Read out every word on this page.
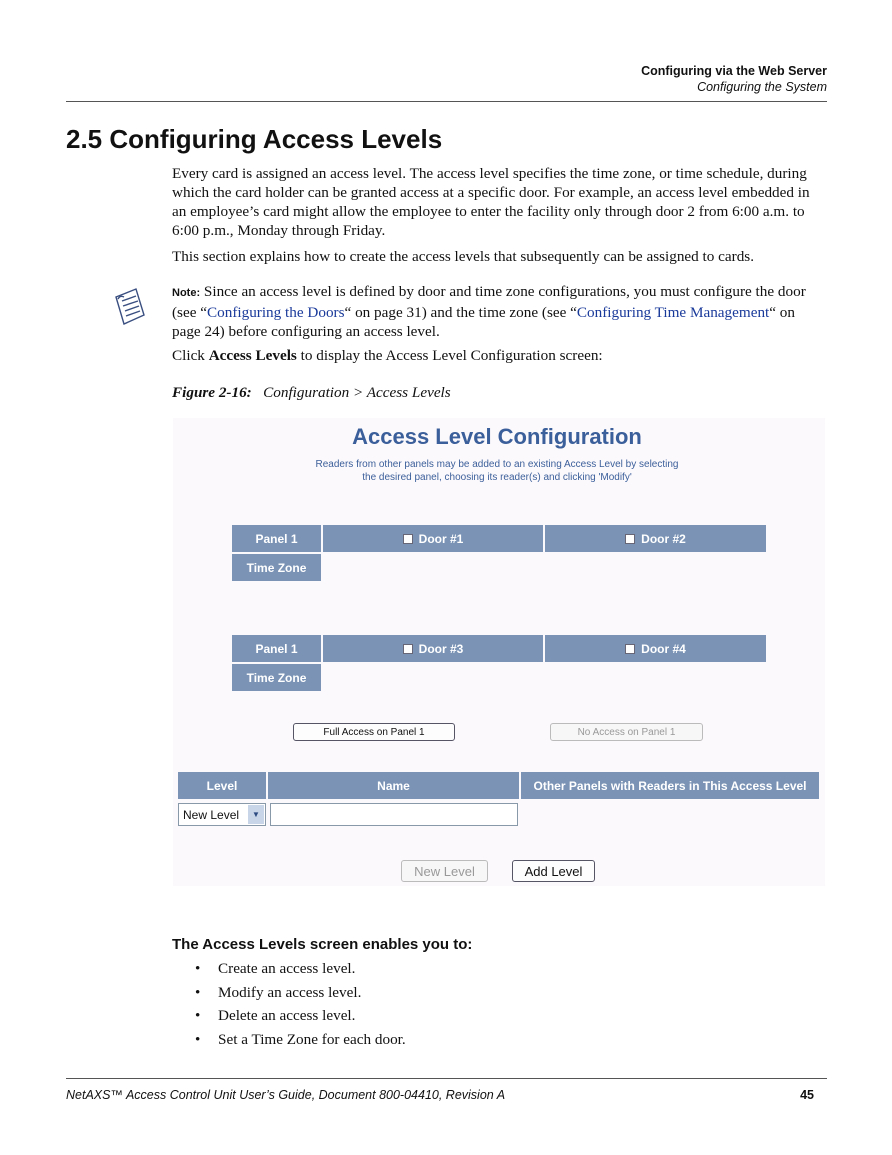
Configuring via the Web Server
Configuring the System
2.5 Configuring Access Levels

Every card is assigned an access level. The access level specifies the time zone, or time schedule, during which the card holder can be granted access at a specific door. For example, an access level embedded in an employee’s card might allow the employee to enter the facility only through door 2 from 6:00 a.m. to 6:00 p.m., Monday through Friday.

This section explains how to create the access levels that subsequently can be assigned to cards.

Note: Since an access level is defined by door and time zone configurations, you must configure the door (see “Configuring the Doors“ on page 31) and the time zone (see “Configuring Time Management“ on page 24) before configuring an access level.

Click Access Levels to display the Access Level Configuration screen:

Figure 2-16: Configuration > Access Levels
Access Level Configuration
Readers from other panels may be added to an existing Access Level by selecting
the desired panel, choosing its reader(s) and clicking 'Modify'
Panel 1	Door #1	Door #2
Time Zone
Panel 1	Door #3	Door #4
Time Zone
Full Access on Panel 1	No Access on Panel 1
Level	Name	Other Panels with Readers in This Access Level
New Level	▼
New Level	Add Level
The Access Levels screen enables you to:
• Create an access level.
• Modify an access level.
• Delete an access level.
• Set a Time Zone for each door.
NetAXS™ Access Control Unit User’s Guide, Document 800-04410, Revision A	45
